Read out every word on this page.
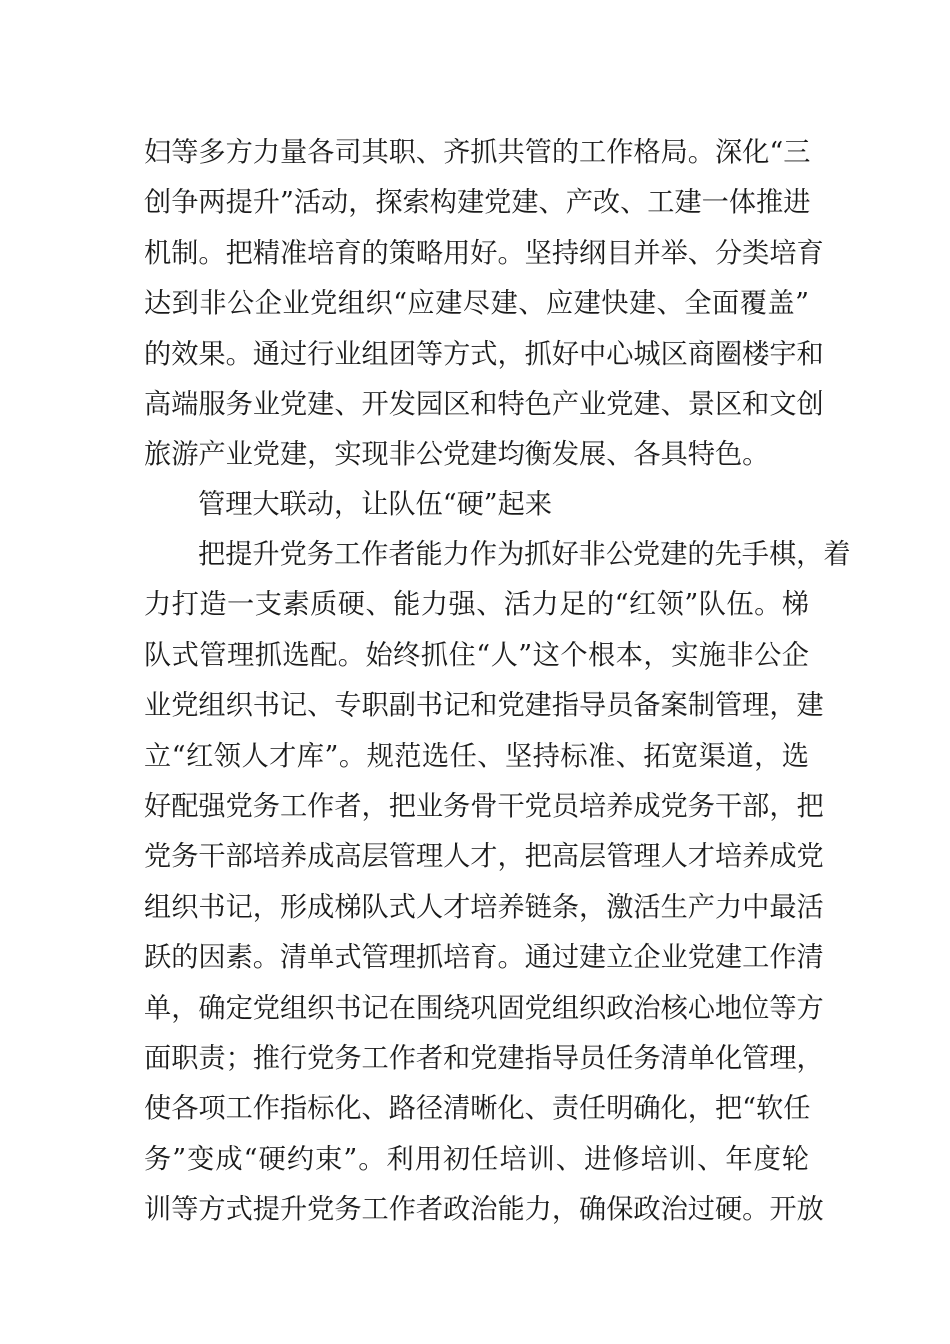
妇等多方力量各司其职、齐抓共管的工作格局。深化“三
创争两提升”活动，探索构建党建、产改、工建一体推进
机制。把精准培育的策略用好。坚持纲目并举、分类培育
达到非公企业党组织“应建尽建、应建快建、全面覆盖”
的效果。通过行业组团等方式，抓好中心城区商圈楼宇和
高端服务业党建、开发园区和特色产业党建、景区和文创
旅游产业党建，实现非公党建均衡发展、各具特色。
管理大联动，让队伍“硬”起来
把提升党务工作者能力作为抓好非公党建的先手棋，着
力打造一支素质硬、能力强、活力足的“红领”队伍。梯
队式管理抓选配。始终抓住“人”这个根本，实施非公企
业党组织书记、专职副书记和党建指导员备案制管理，建
立“红领人才库”。规范选任、坚持标准、拓宽渠道，选
好配强党务工作者，把业务骨干党员培养成党务干部，把
党务干部培养成高层管理人才，把高层管理人才培养成党
组织书记，形成梯队式人才培养链条，激活生产力中最活
跃的因素。清单式管理抓培育。通过建立企业党建工作清
单，确定党组织书记在围绕巩固党组织政治核心地位等方
面职责；推行党务工作者和党建指导员任务清单化管理，
使各项工作指标化、路径清晰化、责任明确化，把“软任
务”变成“硬约束”。利用初任培训、进修培训、年度轮
训等方式提升党务工作者政治能力，确保政治过硬。开放
